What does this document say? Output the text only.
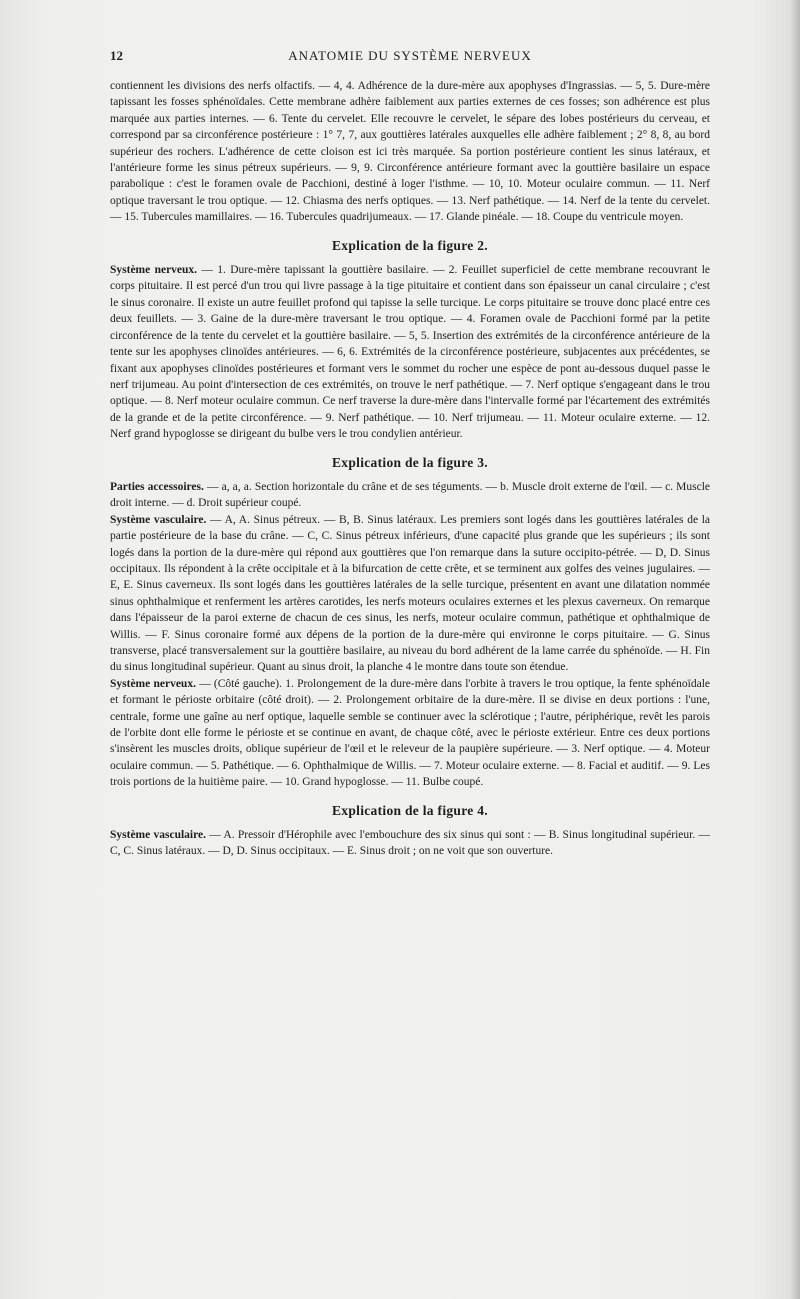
12	ANATOMIE DU SYSTÈME NERVEUX

contiennent les divisions des nerfs olfactifs. — 4, 4. Adhérence de la dure-mère aux apophyses d'Ingrassias. — 5, 5. Dure-mère tapissant les fosses sphénoïdales. Cette membrane adhère faiblement aux parties externes de ces fosses; son adhérence est plus marquée aux parties internes. — 6. Tente du cervelet. Elle recouvre le cervelet, le sépare des lobes postérieurs du cerveau, et correspond par sa circonférence postérieure : 1° 7, 7, aux gouttières latérales auxquelles elle adhère faiblement ; 2° 8, 8, au bord supérieur des rochers. L'adhérence de cette cloison est ici très marquée. Sa portion postérieure contient les sinus latéraux, et l'antérieure forme les sinus pétreux supérieurs. — 9, 9. Circonférence antérieure formant avec la gouttière basilaire un espace parabolique : c'est le foramen ovale de Pacchioni, destiné à loger l'isthme. — 10, 10. Moteur oculaire commun. — 11. Nerf optique traversant le trou optique. — 12. Chiasma des nerfs optiques. — 13. Nerf pathétique. — 14. Nerf de la tente du cervelet. — 15. Tubercules mamillaires. — 16. Tubercules quadrijumeaux. — 17. Glande pinéale. — 18. Coupe du ventricule moyen.

Explication de la figure 2.

Système nerveux. — 1. Dure-mère tapissant la gouttière basilaire. — 2. Feuillet superficiel de cette membrane recouvrant le corps pituitaire. Il est percé d'un trou qui livre passage à la tige pituitaire et contient dans son épaisseur un canal circulaire ; c'est le sinus coronaire. Il existe un autre feuillet profond qui tapisse la selle turcique. Le corps pituitaire se trouve donc placé entre ces deux feuillets. — 3. Gaine de la dure-mère traversant le trou optique. — 4. Foramen ovale de Pacchioni formé par la petite circonférence de la tente du cervelet et la gouttière basilaire. — 5, 5. Insertion des extrémités de la circonférence antérieure de la tente sur les apophyses clinoïdes antérieures. — 6, 6. Extrémités de la circonférence postérieure, subjacentes aux précédentes, se fixant aux apophyses clinoïdes postérieures et formant vers le sommet du rocher une espèce de pont au-dessous duquel passe le nerf trijumeau. Au point d'intersection de ces extrémités, on trouve le nerf pathétique. — 7. Nerf optique s'engageant dans le trou optique. — 8. Nerf moteur oculaire commun. Ce nerf traverse la dure-mère dans l'intervalle formé par l'écartement des extrémités de la grande et de la petite circonférence. — 9. Nerf pathétique. — 10. Nerf trijumeau. — 11. Moteur oculaire externe. — 12. Nerf grand hypoglosse se dirigeant du bulbe vers le trou condylien antérieur.

Explication de la figure 3.

Parties accessoires. — a, a, a. Section horizontale du crâne et de ses téguments. — b. Muscle droit externe de l'œil. — c. Muscle droit interne. — d. Droit supérieur coupé.

Système vasculaire. — A, A. Sinus pétreux. — B, B. Sinus latéraux. Les premiers sont logés dans les gouttières latérales de la partie postérieure de la base du crâne. — C, C. Sinus pétreux inférieurs, d'une capacité plus grande que les supérieurs ; ils sont logés dans la portion de la dure-mère qui répond aux gouttières que l'on remarque dans la suture occipito-pétrée. — D, D. Sinus occipitaux. Ils répondent à la crête occipitale et à la bifurcation de cette crête, et se terminent aux golfes des veines jugulaires. — E, E. Sinus caverneux. Ils sont logés dans les gouttières latérales de la selle turcique, présentent en avant une dilatation nommée sinus ophthalmique et renferment les artères carotides, les nerfs moteurs oculaires externes et les plexus caverneux. On remarque dans l'épaisseur de la paroi externe de chacun de ces sinus, les nerfs, moteur oculaire commun, pathétique et ophthalmique de Willis. — F. Sinus coronaire formé aux dépens de la portion de la dure-mère qui environne le corps pituitaire. — G. Sinus transverse, placé transversalement sur la gouttière basilaire, au niveau du bord adhérent de la lame carrée du sphénoïde. — H. Fin du sinus longitudinal supérieur. Quant au sinus droit, la planche 4 le montre dans toute son étendue.

Système nerveux. — (Côté gauche). 1. Prolongement de la dure-mère dans l'orbite à travers le trou optique, la fente sphénoïdale et formant le périoste orbitaire (côté droit). — 2. Prolongement orbitaire de la dure-mère. Il se divise en deux portions : l'une, centrale, forme une gaîne au nerf optique, laquelle semble se continuer avec la sclérotique ; l'autre, périphérique, revêt les parois de l'orbite dont elle forme le périoste et se continue en avant, de chaque côté, avec le périoste extérieur. Entre ces deux portions s'insèrent les muscles droits, oblique supérieur de l'œil et le releveur de la paupière supérieure. — 3. Nerf optique. — 4. Moteur oculaire commun. — 5. Pathétique. — 6. Ophthalmique de Willis. — 7. Moteur oculaire externe. — 8. Facial et auditif. — 9. Les trois portions de la huitième paire. — 10. Grand hypoglosse. — 11. Bulbe coupé.

Explication de la figure 4.

Système vasculaire. — A. Pressoir d'Hérophile avec l'embouchure des six sinus qui sont : — B. Sinus longitudinal supérieur. — C, C. Sinus latéraux. — D, D. Sinus occipitaux. — E. Sinus droit ; on ne voit que son ouverture.
